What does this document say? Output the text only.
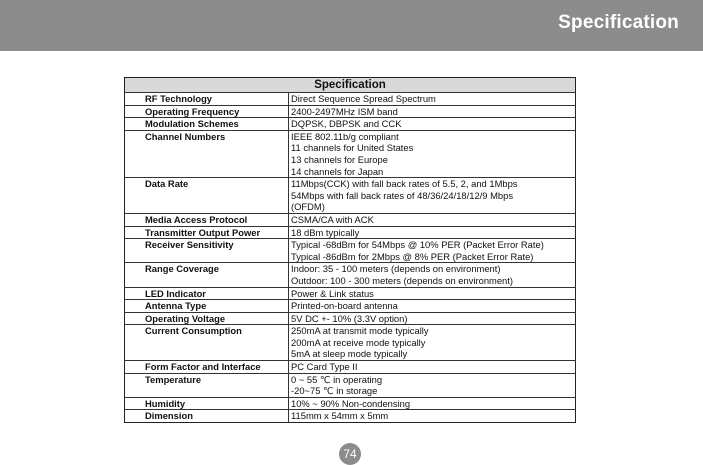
Specification
Specification	
RF Technology	Direct Sequence Spread Spectrum

Operating Frequency	2400-2497MHz ISM band

Modulation Schemes	DQPSK, DBPSK and CCK

Channel Numbers	IEEE 802.11b/g compliant
11 channels for United States
13 channels for Europe
14 channels for Japan

Data Rate	11Mbps(CCK) with fall back rates of 5.5, 2, and 1Mbps
54Mbps with fall back rates of 48/36/24/18/12/9 Mbps
(OFDM)

Media Access Protocol	CSMA/CA with ACK

Transmitter Output Power	18 dBm typically

Receiver Sensitivity	Typical -68dBm for 54Mbps @ 10% PER (Packet Error Rate)
Typical -86dBm for 2Mbps @ 8% PER (Packet Error Rate)

Range Coverage	Indoor: 35 - 100 meters (depends on environment)
Outdoor: 100 - 300 meters (depends on environment)

LED Indicator	Power & Link status

Antenna Type	Printed-on-board antenna

Operating Voltage	5V DC +- 10% (3.3V option)

Current Consumption	250mA at transmit mode typically
200mA at receive mode typically
5mA at sleep mode typically

Form Factor and Interface	PC Card Type II

Temperature	0 ~ 55 ℃ in operating
-20~75 ℃ in storage

Humidity	10% ~ 90% Non-condensing

Dimension	115mm x 54mm x 5mm
74
